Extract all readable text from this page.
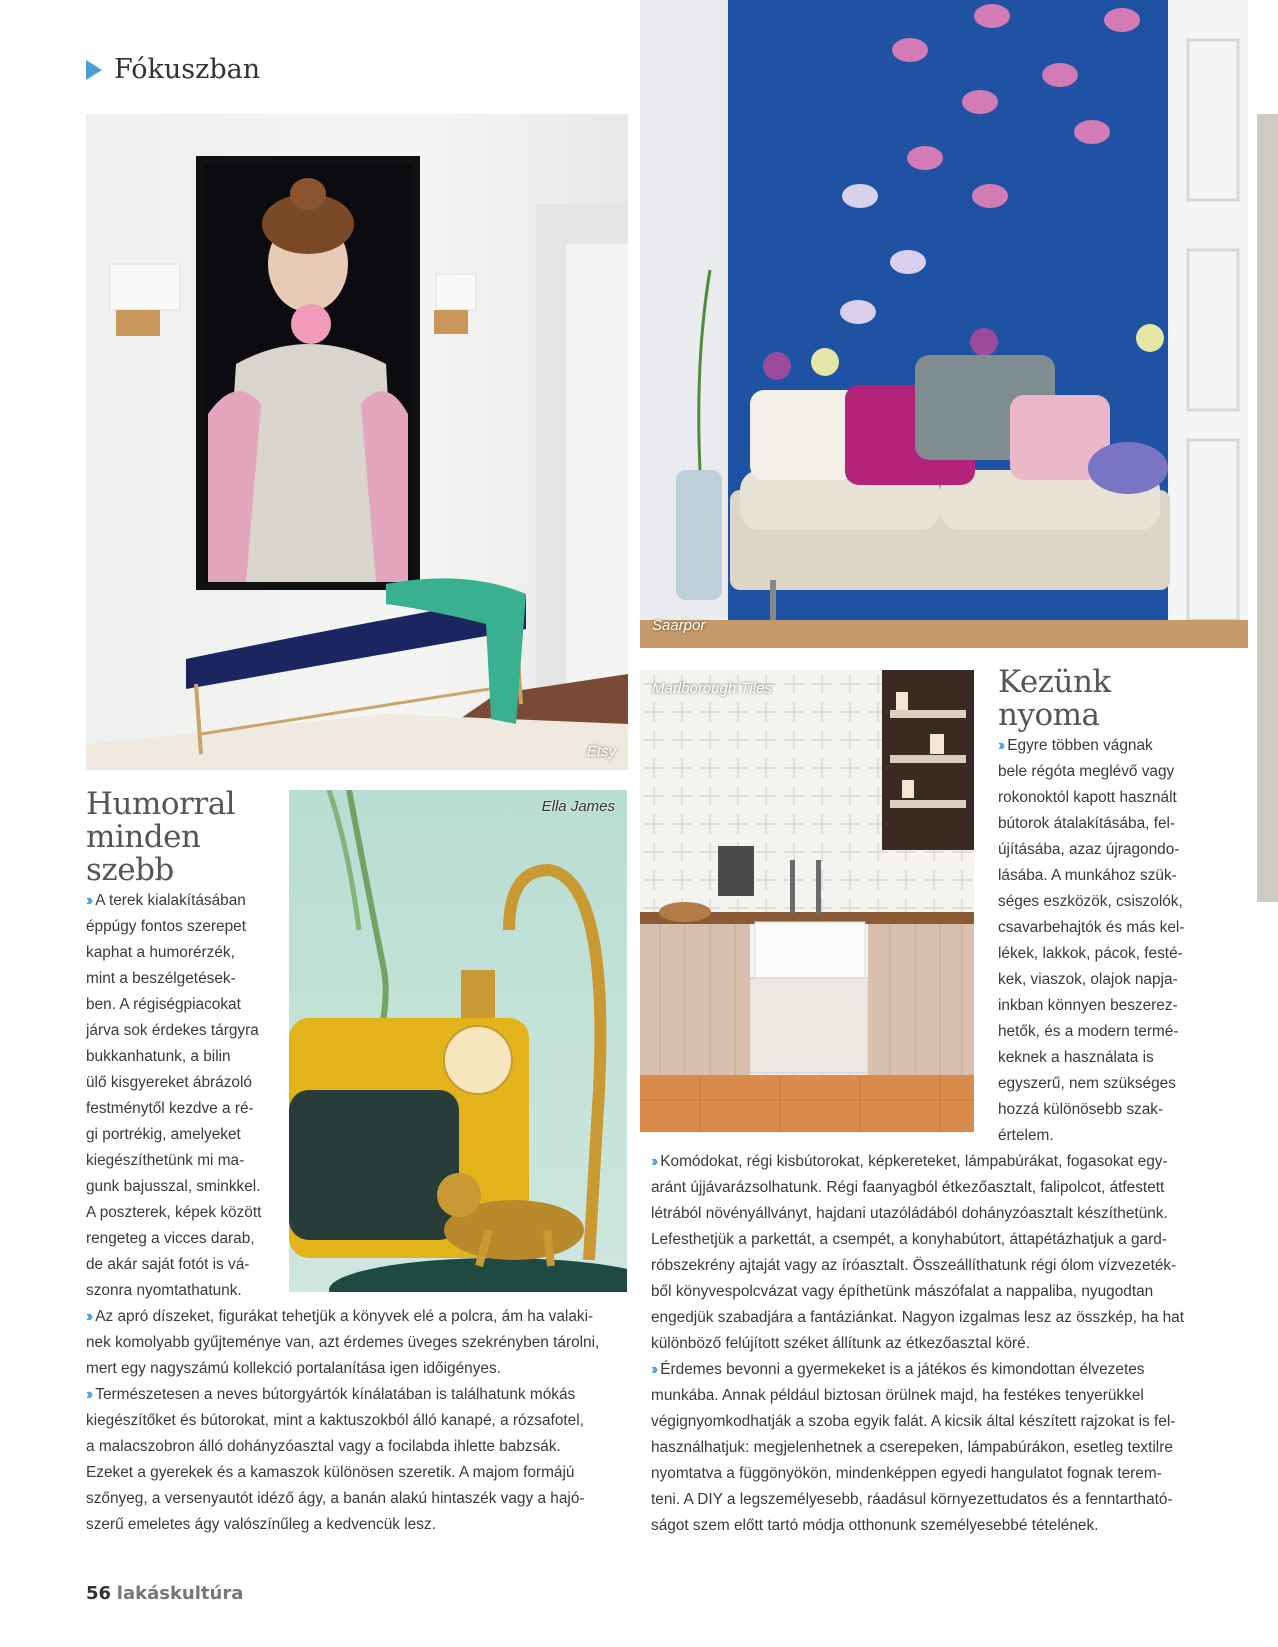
Fókuszban
Etsy
Saarpor
Humorral
minden
szebb
Ella James
›› A terek kialakításában
éppúgy fontos szerepet
kaphat a humorérzék,
mint a beszélgetések-
ben. A régiségpiacokat
járva sok érdekes tárgyra
bukkanhatunk, a bilin
ülő kisgyereket ábrázoló
festménytől kezdve a ré-
gi portrékig, amelyeket
kiegészíthetünk mi ma-
gunk bajusszal, sminkkel.
A poszterek, képek között
rengeteg a vicces darab,
de akár saját fotót is vá-
szonra nyomtathatunk.
›› Az apró díszeket, figurákat tehetjük a könyvek elé a polcra, ám ha valaki-
nek komolyabb gyűjteménye van, azt érdemes üveges szekrényben tárolni,
mert egy nagyszámú kollekció portalanítása igen időigényes.
›› Természetesen a neves bútorgyártók kínálatában is találhatunk mókás
kiegészítőket és bútorokat, mint a kaktuszokból álló kanapé, a rózsafotel,
a malacszobron álló dohányzóasztal vagy a focilabda ihlette babzsák.
Ezeket a gyerekek és a kamaszok különösen szeretik. A majom formájú
szőnyeg, a versenyautót idéző ágy, a banán alakú hintaszék vagy a hajó-
szerű emeletes ágy valószínűleg a kedvencük lesz.
Marlborough Tiles	Kezünk
nyoma
›› Egyre többen vágnak
bele régóta meglévő vagy
rokonoktól kapott használt
bútorok átalakításába, fel-
újításába, azaz újragondo-
lásába. A munkához szük-
séges eszközök, csiszolók,
csavarbehajtók és más kel-
lékek, lakkok, pácok, festé-
kek, viaszok, olajok napja-
inkban könnyen beszerez-
hetők, és a modern termé-
keknek a használata is
egyszerű, nem szükséges
hozzá különösebb szak-
értelem.
›› Komódokat, régi kisbútorokat, képkereteket, lámpabúrákat, fogasokat egy-
aránt újjávarázsolhatunk. Régi faanyagból étkezőasztalt, falipolcot, átfestett
létrából növényállványt, hajdani utazóládából dohányzóasztalt készíthetünk.
Lefesthetjük a parkettát, a csempét, a konyhabútort, áttapétázhatjuk a gard-
róbszekrény ajtaját vagy az íróasztalt. Összeállíthatunk régi ólom vízvezeték-
ből könyvespolcvázat vagy építhetünk mászófalat a nappaliba, nyugodtan
engedjük szabadjára a fantáziánkat. Nagyon izgalmas lesz az összkép, ha hat
különböző felújított széket állítunk az étkezőasztal köré.
›› Érdemes bevonni a gyermekeket is a játékos és kimondottan élvezetes
munkába. Annak például biztosan örülnek majd, ha festékes tenyerükkel
végignyomkodhatják a szoba egyik falát. A kicsik által készített rajzokat is fel-
használhatjuk: megjelenhetnek a cserepeken, lámpabúrákon, esetleg textilre
nyomtatva a függönyökön, mindenképpen egyedi hangulatot fognak terem-
teni. A DIY a legszemélyesebb, ráadásul környezettudatos és a fenntartható-
ságot szem előtt tartó módja otthonunk személyesebbé tételének.
56 lakáskultúra
